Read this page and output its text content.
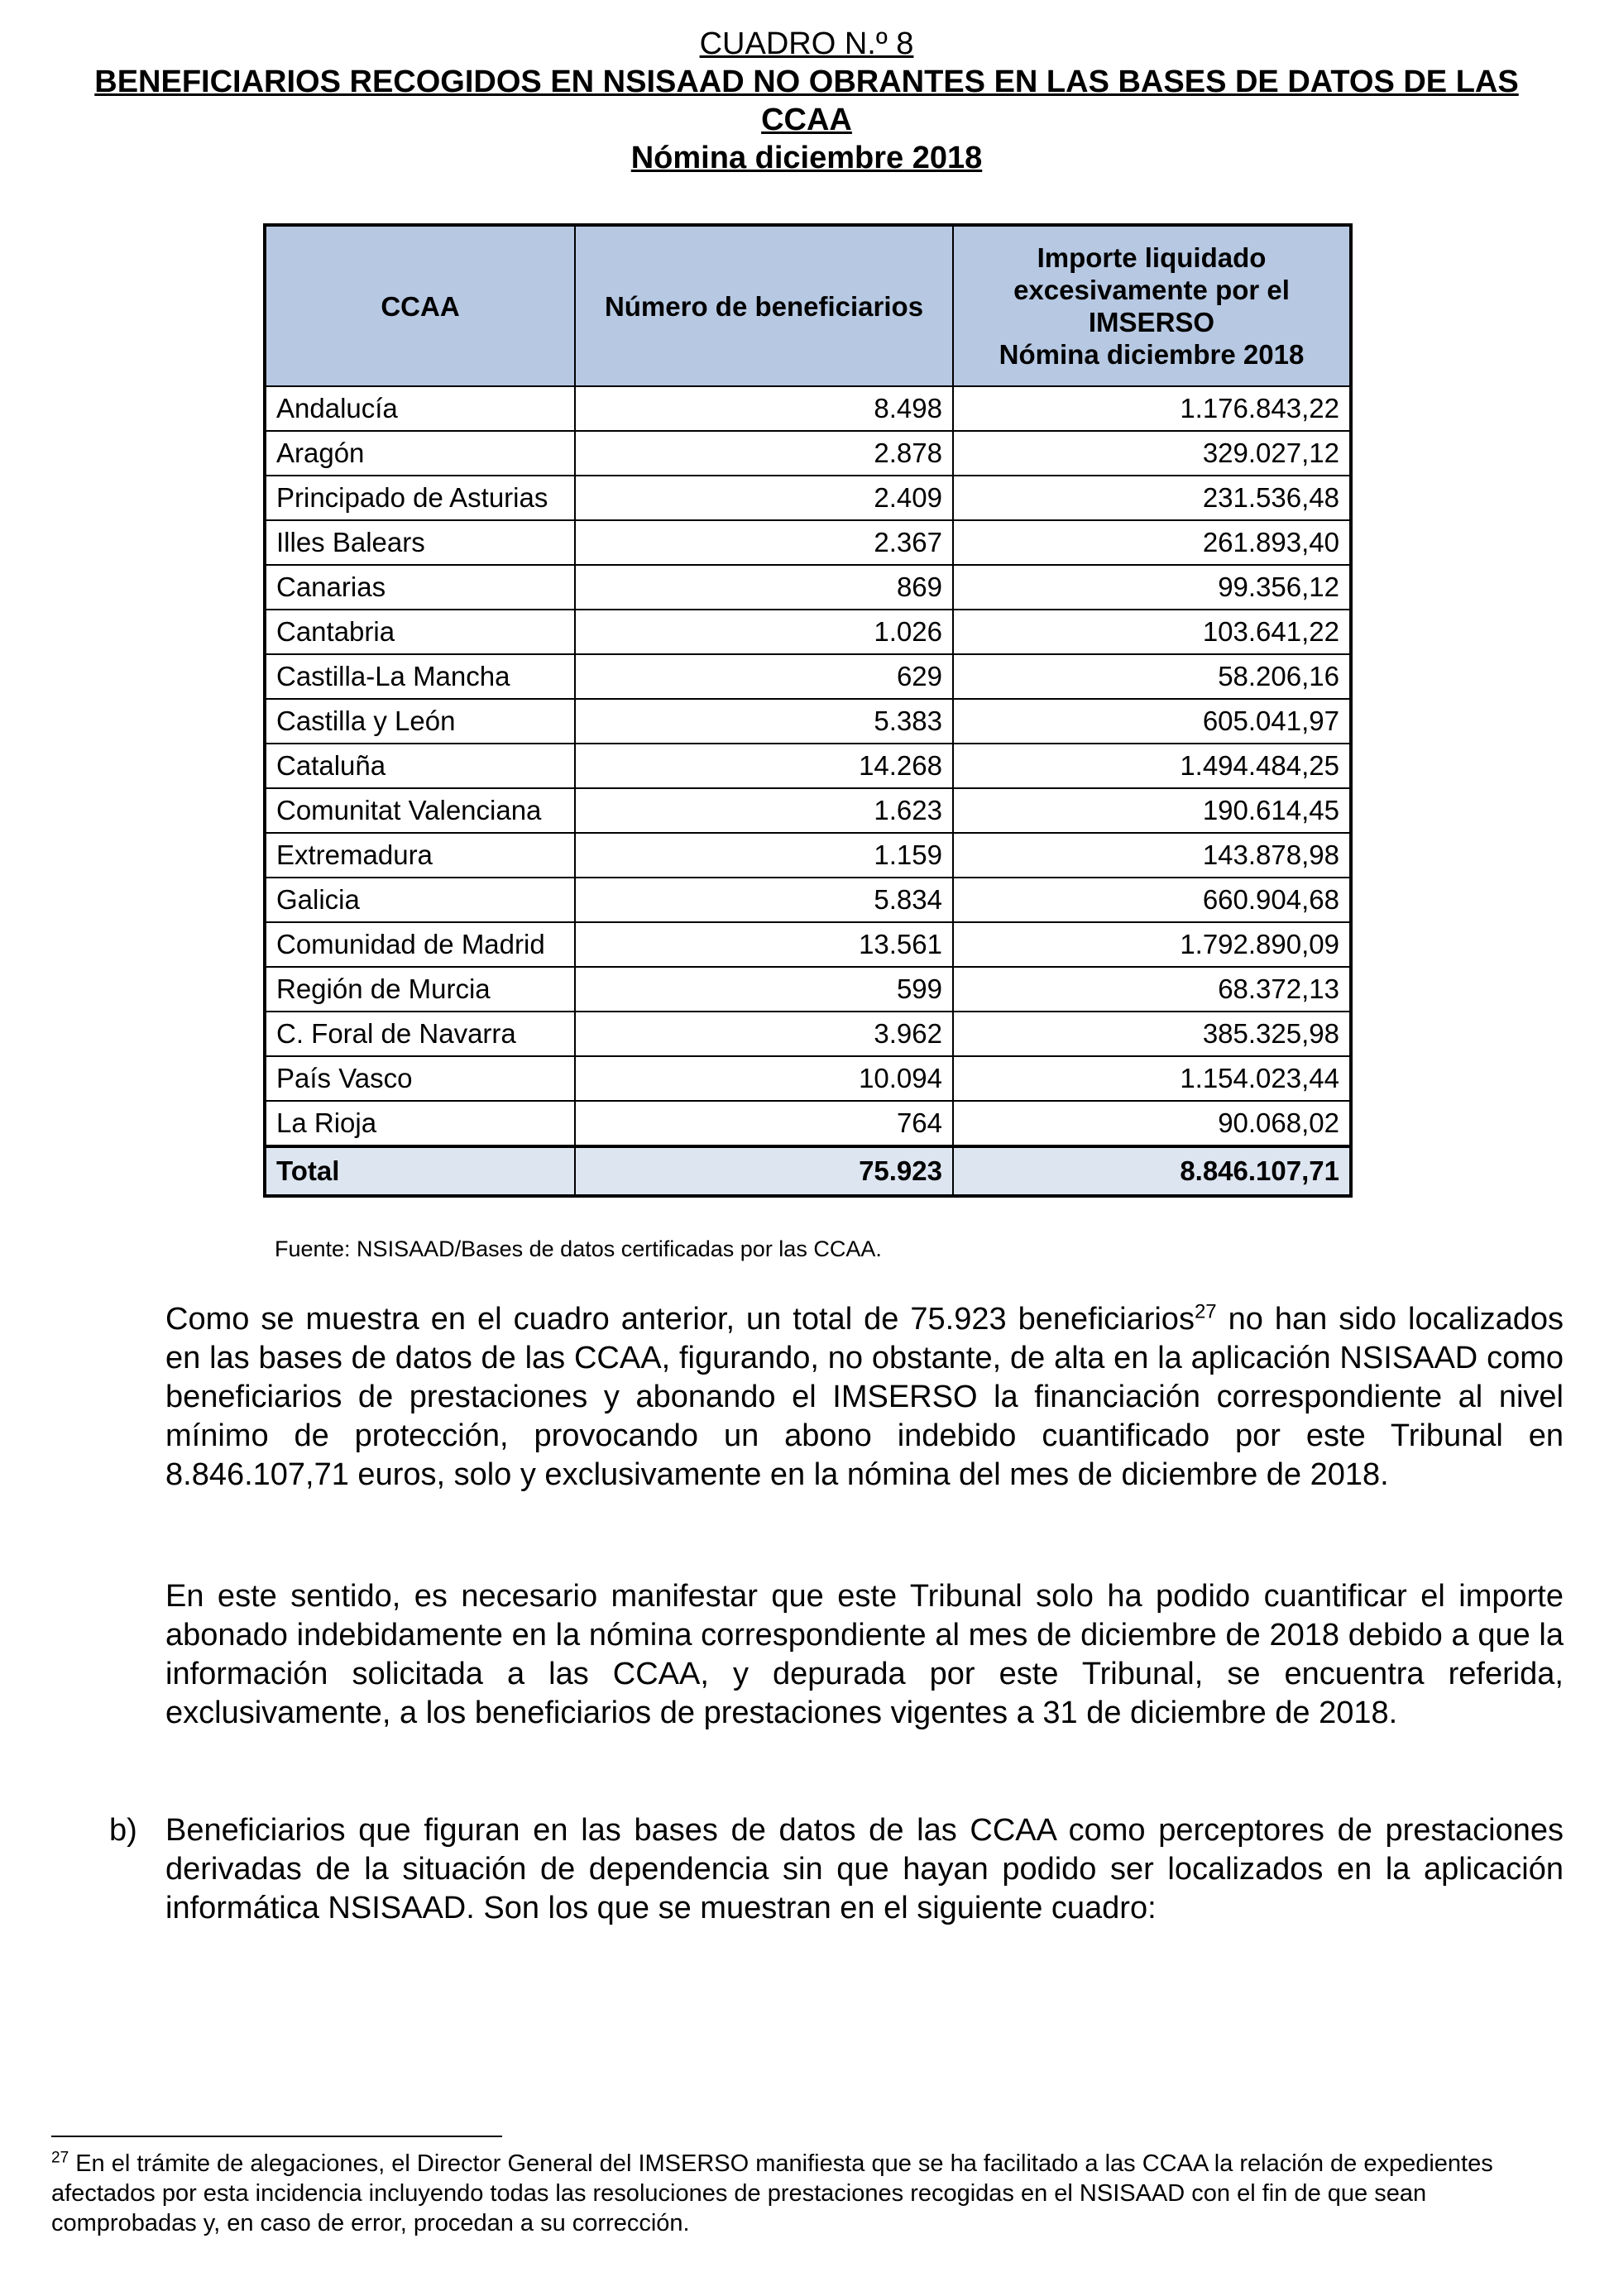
CUADRO N.º 8
BENEFICIARIOS RECOGIDOS EN NSISAAD NO OBRANTES EN LAS BASES DE DATOS DE LAS CCAA
Nómina diciembre 2018
CCAA	Número de beneficiarios	Importe liquidado excesivamente por el IMSERSO
Nómina diciembre 2018
Andalucía	8.498	1.176.843,22
Aragón	2.878	329.027,12
Principado de Asturias	2.409	231.536,48
Illes Balears	2.367	261.893,40
Canarias	869	99.356,12
Cantabria	1.026	103.641,22
Castilla-La Mancha	629	58.206,16
Castilla y León	5.383	605.041,97
Cataluña	14.268	1.494.484,25
Comunitat Valenciana	1.623	190.614,45
Extremadura	1.159	143.878,98
Galicia	5.834	660.904,68
Comunidad de Madrid	13.561	1.792.890,09
Región de Murcia	599	68.372,13
C. Foral de Navarra	3.962	385.325,98
País Vasco	10.094	1.154.023,44
La Rioja	764	90.068,02
Total	75.923	8.846.107,71
Fuente: NSISAAD/Bases de datos certificadas por las CCAA.
Como se muestra en el cuadro anterior, un total de 75.923 beneficiarios$^{27}$ no han sido localizados en las bases de datos de las CCAA, figurando, no obstante, de alta en la aplicación NSISAAD como beneficiarios de prestaciones y abonando el IMSERSO la financiación correspondiente al nivel mínimo de protección, provocando un abono indebido cuantificado por este Tribunal en 8.846.107,71 euros, solo y exclusivamente en la nómina del mes de diciembre de 2018.
En este sentido, es necesario manifestar que este Tribunal solo ha podido cuantificar el importe abonado indebidamente en la nómina correspondiente al mes de diciembre de 2018 debido a que la información solicitada a las CCAA, y depurada por este Tribunal, se encuentra referida, exclusivamente, a los beneficiarios de prestaciones vigentes a 31 de diciembre de 2018.
b) Beneficiarios que figuran en las bases de datos de las CCAA como perceptores de prestaciones derivadas de la situación de dependencia sin que hayan podido ser localizados en la aplicación informática NSISAAD. Son los que se muestran en el siguiente cuadro:
$^{27}$ En el trámite de alegaciones, el Director General del IMSERSO manifiesta que se ha facilitado a las CCAA la relación de expedientes afectados por esta incidencia incluyendo todas las resoluciones de prestaciones recogidas en el NSISAAD con el fin de que sean comprobadas y, en caso de error, procedan a su corrección.
